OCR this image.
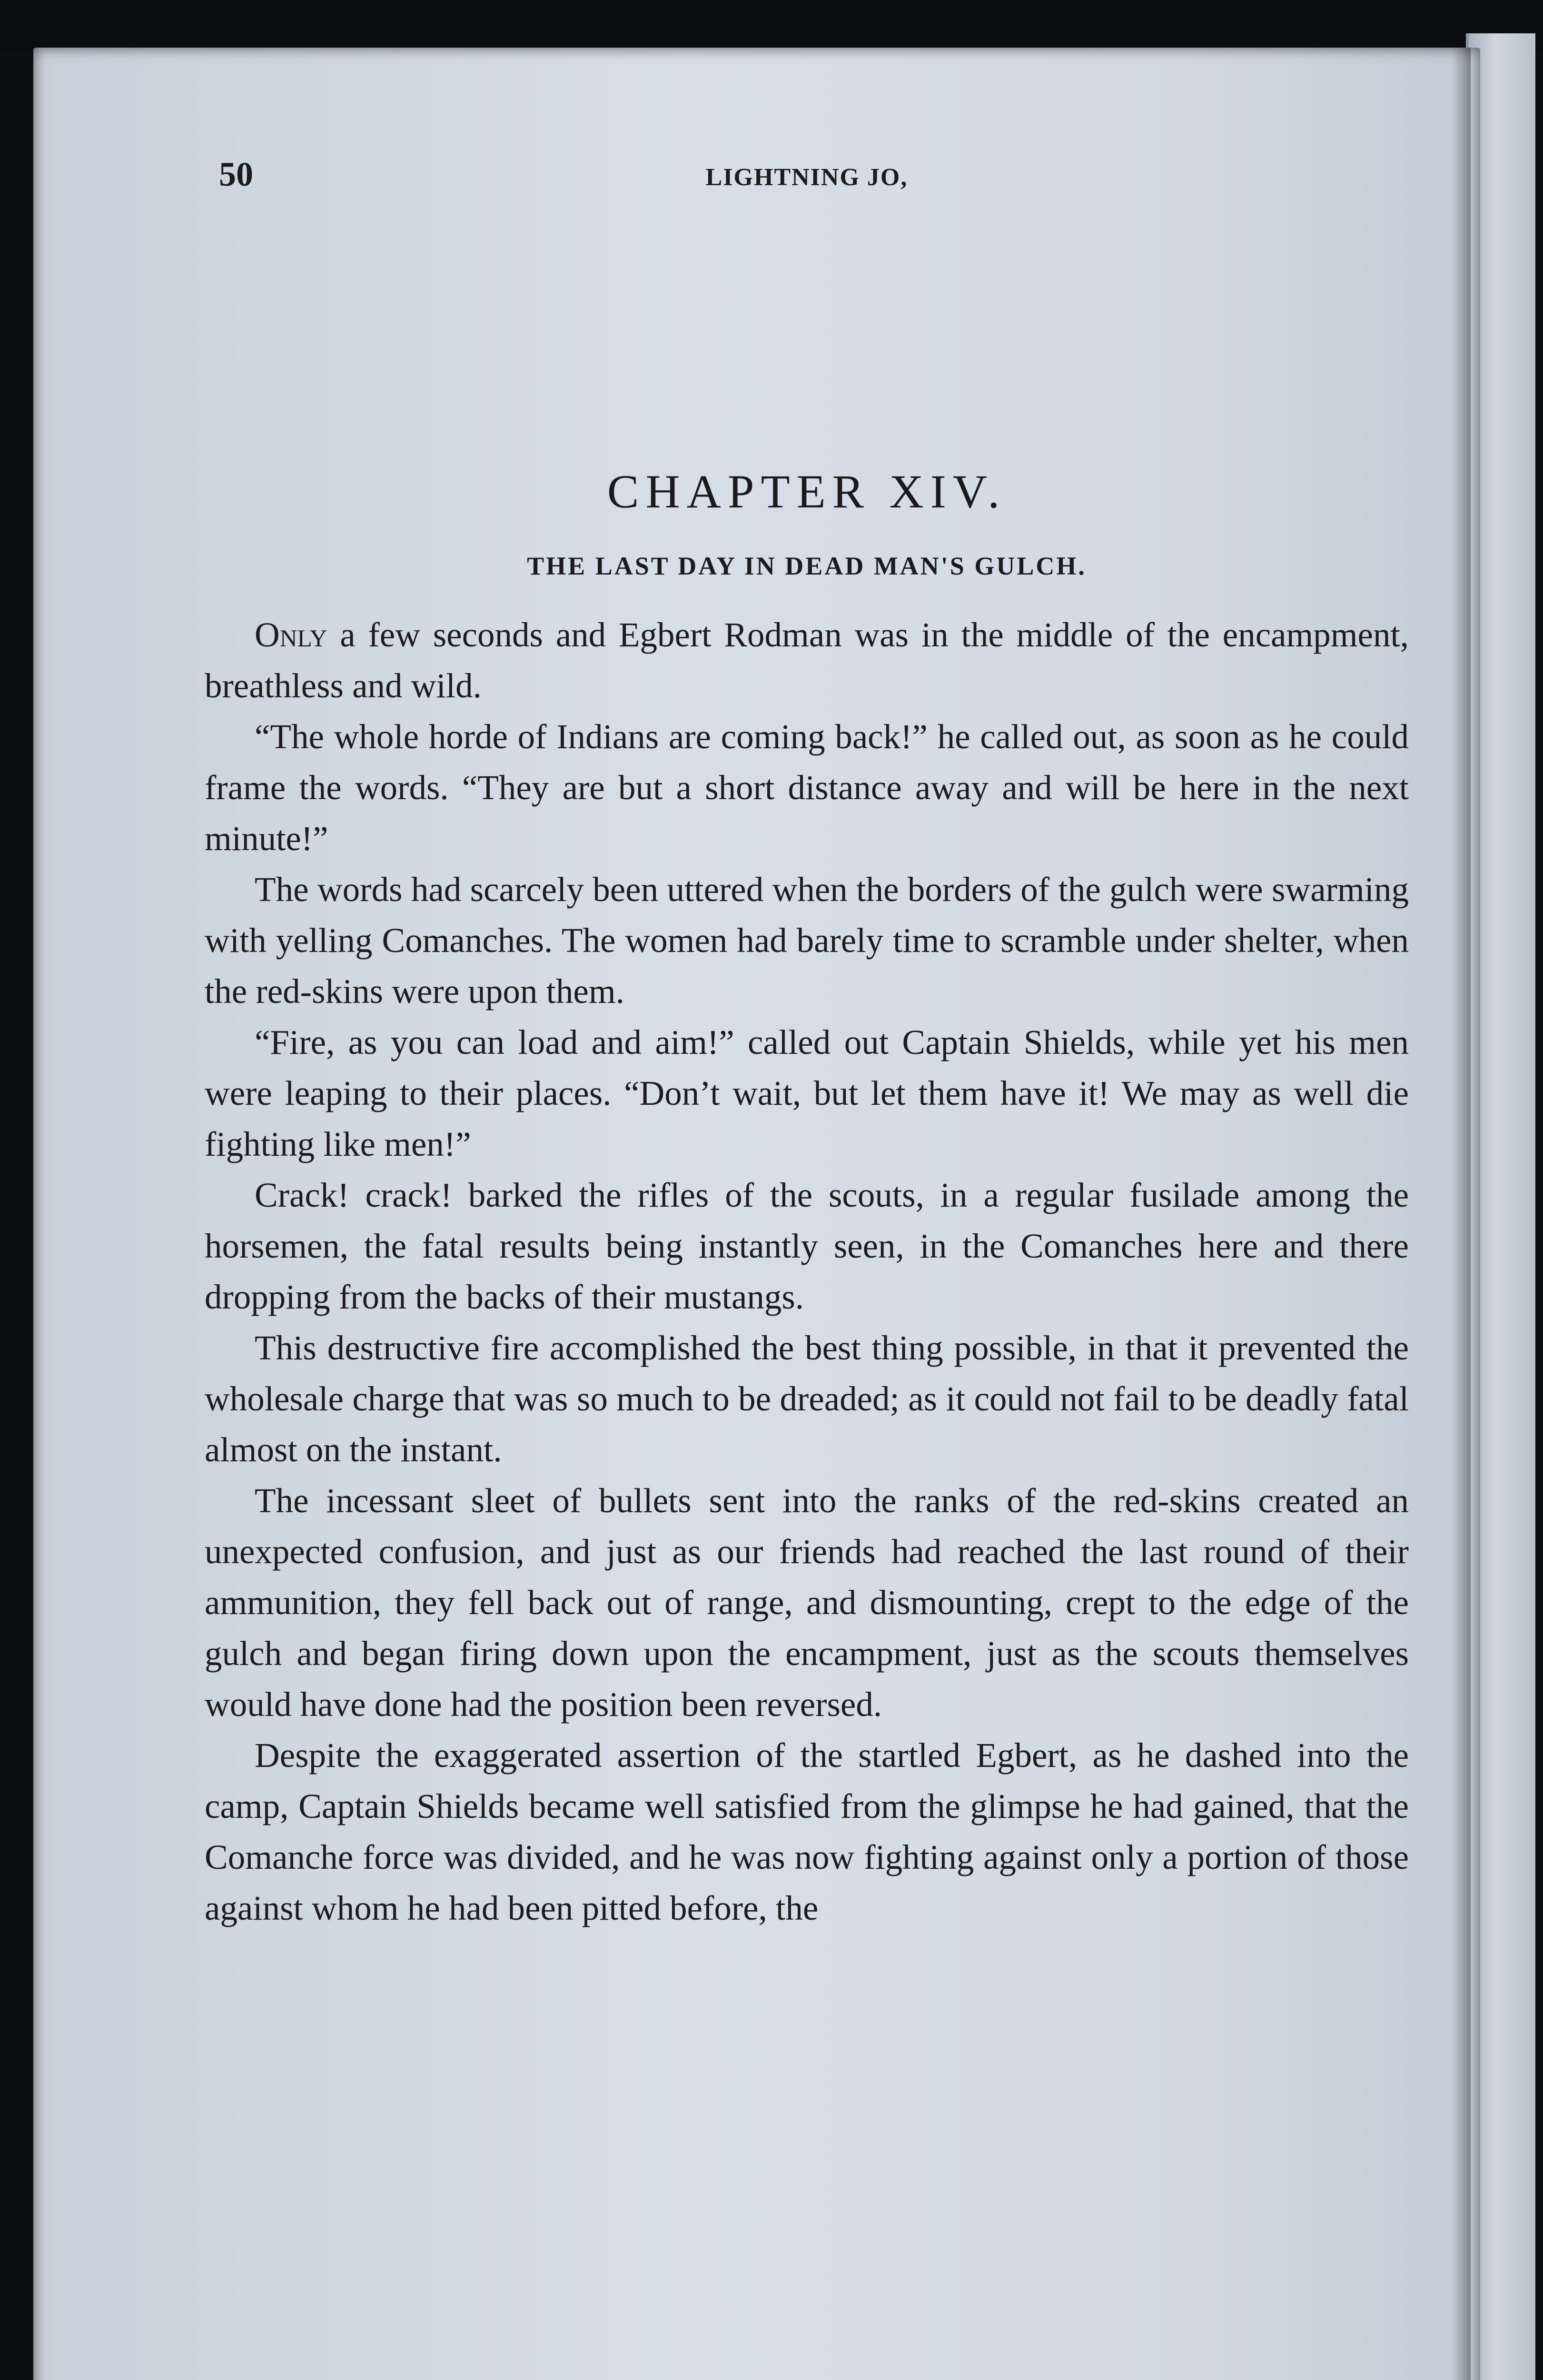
50	LIGHTNING JO,
CHAPTER XIV.
THE LAST DAY IN DEAD MAN'S GULCH.

Only a few seconds and Egbert Rodman was in the middle of the encampment, breathless and wild.

“The whole horde of Indians are coming back!” he called out, as soon as he could frame the words. “They are but a short distance away and will be here in the next minute!”

The words had scarcely been uttered when the borders of the gulch were swarming with yelling Comanches. The women had barely time to scramble under shelter, when the red-skins were upon them.

“Fire, as you can load and aim!” called out Captain Shields, while yet his men were leaping to their places. “Don’t wait, but let them have it! We may as well die fighting like men!”

Crack! crack! barked the rifles of the scouts, in a regular fusilade among the horsemen, the fatal results being instantly seen, in the Comanches here and there dropping from the backs of their mustangs.

This destructive fire accomplished the best thing possible, in that it prevented the wholesale charge that was so much to be dreaded; as it could not fail to be deadly fatal almost on the instant.

The incessant sleet of bullets sent into the ranks of the red-skins created an unexpected confusion, and just as our friends had reached the last round of their ammunition, they fell back out of range, and dismounting, crept to the edge of the gulch and began firing down upon the encampment, just as the scouts themselves would have done had the position been reversed.

Despite the exaggerated assertion of the startled Egbert, as he dashed into the camp, Captain Shields became well satisfied from the glimpse he had gained, that the Comanche force was divided, and he was now fighting against only a portion of those against whom he had been pitted before, the
